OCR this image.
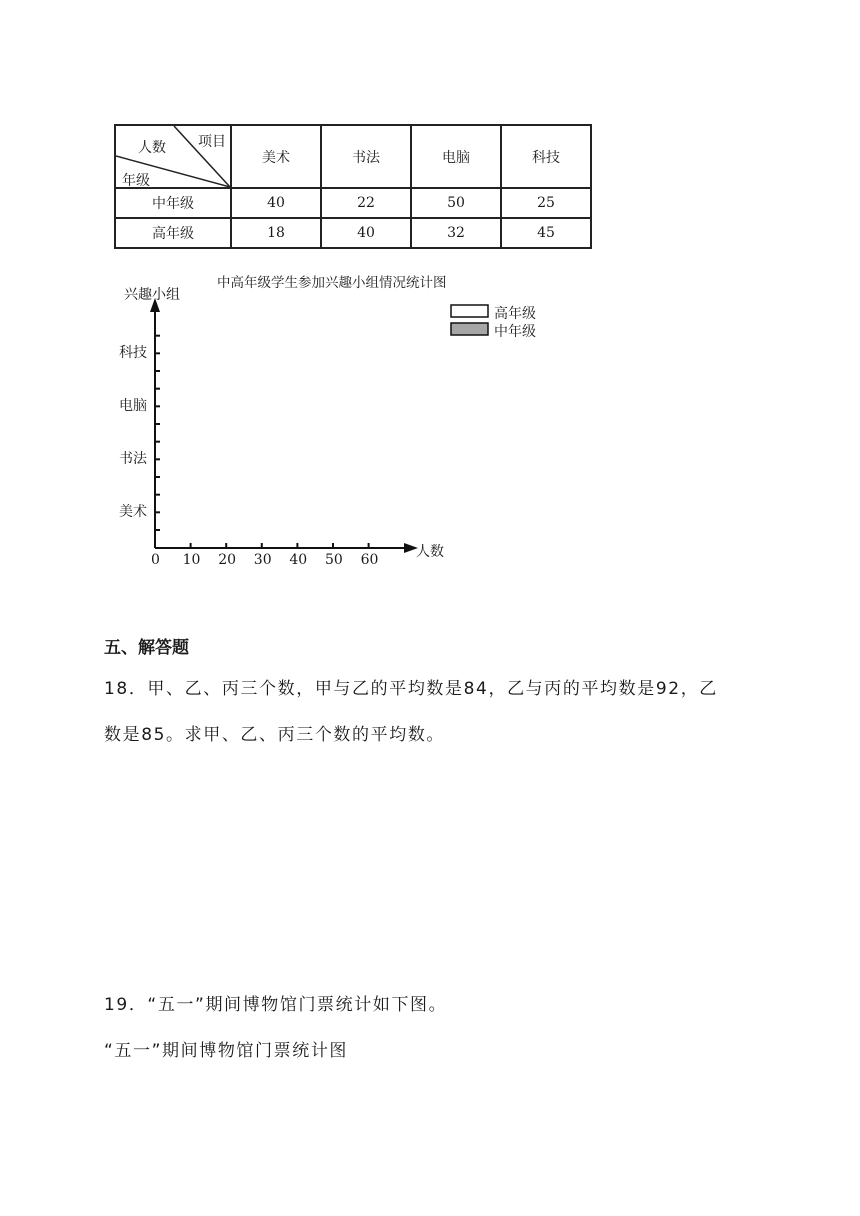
项目
人数
年级	美术	书法	电脑	科技
中年级	40	22	50	25
高年级	18	40	32	45
中高年级学生参加兴趣小组情况统计图
高年级
中年级
兴趣小组
人数
科技
电脑
书法
美术
0 10 20 30 40 50 60
五、解答题
18．甲、乙、丙三个数，甲与乙的平均数是84，乙与丙的平均数是92，乙
数是85。求甲、乙、丙三个数的平均数。
19．“五一”期间博物馆门票统计如下图。
“五一”期间博物馆门票统计图
